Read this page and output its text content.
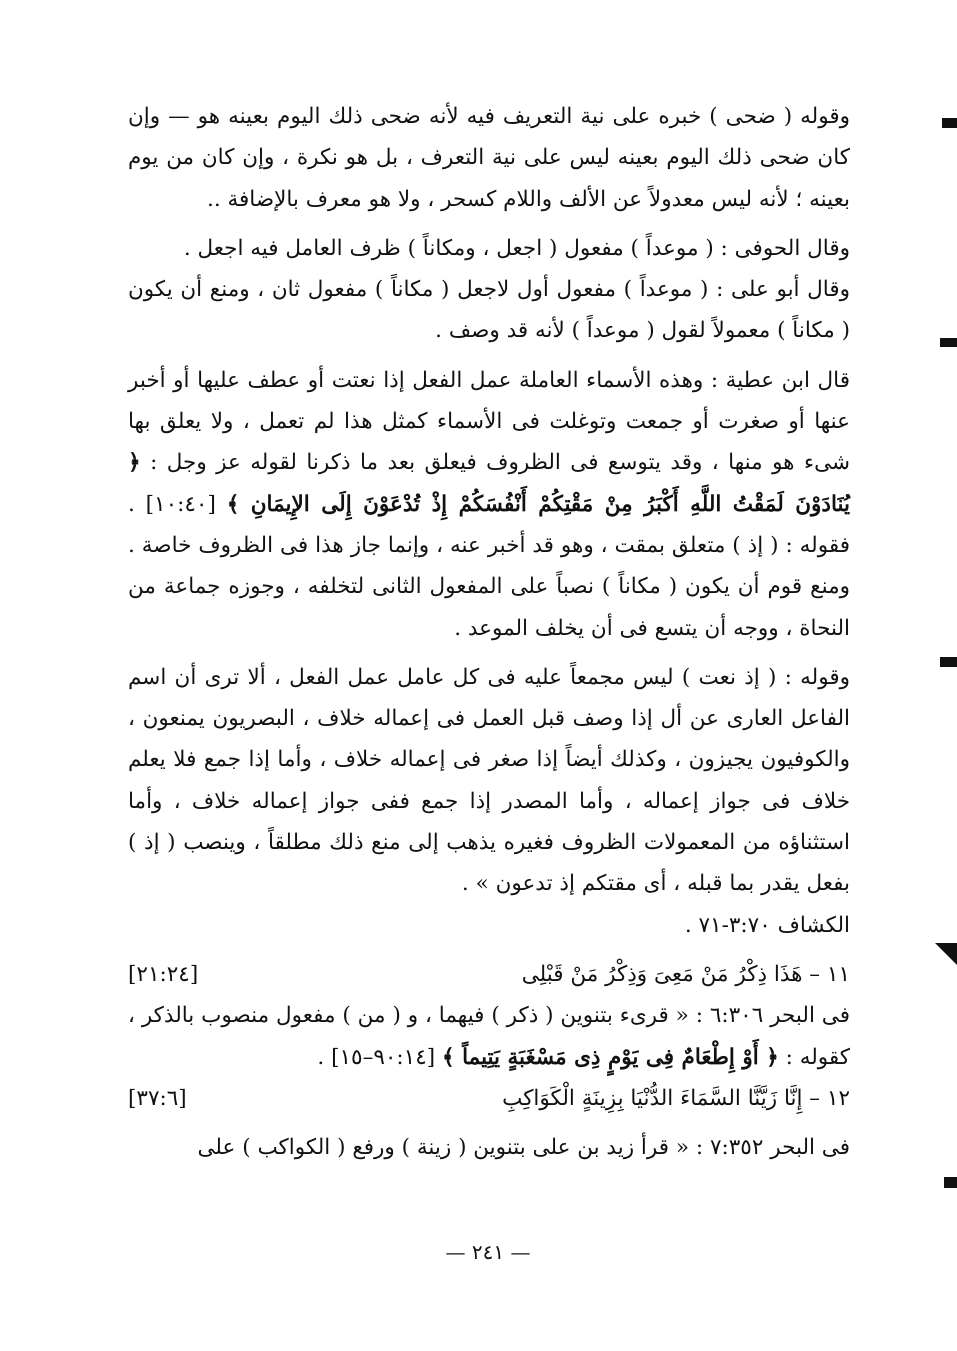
وقوله ( ضحى ) خبره على نية التعريف فيه لأنه ضحى ذلك اليوم بعينه هو — وإن كان ضحى ذلك اليوم بعينه ليس على نية التعرف ، بل هو نكرة ، وإن كان من يوم بعينه ؛ لأنه ليس معدولاً عن الألف واللام كسحر ، ولا هو معرف بالإضافة ..

وقال الحوفى : ( موعداً ) مفعول ( اجعل ، ومكاناً ) ظرف العامل فيه اجعل .

وقال أبو على : ( موعداً ) مفعول أول لاجعل ( مكاناً ) مفعول ثان ، ومنع أن يكون ( مكاناً ) معمولاً لقول ( موعداً ) لأنه قد وصف .

قال ابن عطية : وهذه الأسماء العاملة عمل الفعل إذا نعتت أو عطف عليها أو أخبر عنها أو صغرت أو جمعت وتوغلت فى الأسماء كمثل هذا لم تعمل ، ولا يعلق بها شىء هو منها ، وقد يتوسع فى الظروف فيعلق بعد ما ذكرنا لقوله عز وجل : ﴿ يُنَادَوْنَ لَمَقْتُ اللَّهِ أَكْبَرُ مِنْ مَقْتِكُمْ أَنْفُسَكُمْ إِذْ تُدْعَوْنَ إِلَى الإِيمَانِ ﴾ [١٠:٤٠] . فقوله : ( إذ ) متعلق بمقت ، وهو قد أخبر عنه ، وإنما جاز هذا فى الظروف خاصة . ومنع قوم أن يكون ( مكاناً ) نصباً على المفعول الثانى لتخلفه ، وجوزه جماعة من النحاة ، ووجه أن يتسع فى أن يخلف الموعد .

وقوله : ( إذ نعت ) ليس مجمعاً عليه فى كل عامل عمل الفعل ، ألا ترى أن اسم الفاعل العارى عن أل إذا وصف قبل العمل فى إعماله خلاف ، البصريون يمنعون ، والكوفيون يجيزون ، وكذلك أيضاً إذا صغر فى إعماله خلاف ، وأما إذا جمع فلا يعلم خلاف فى جواز إعماله ، وأما المصدر إذا جمع ففى جواز إعماله خلاف ، وأما استثناؤه من المعمولات الظروف فغيره يذهب إلى منع ذلك مطلقاً ، وينصب ( إذ ) بفعل يقدر بما قبله ، أى مقتكم إذ تدعون » .

الكشاف ٣:٧٠-٧١ .

١١ – هَذَا ذِكْرُ مَنْ مَعِىَ وَذِكْرُ مَنْ قَبْلِى
[٢١:٢٤]

فى البحر ٦:٣٠٦ : « قرىء بتنوين ( ذكر ) فيهما ، و ( من ) مفعول منصوب بالذكر ، كقوله : ﴿ أَوْ إِطْعَامٌ فِى يَوْمٍ ذِى مَسْغَبَةٍ يَتِيماً ﴾ [٩٠:١٤–١٥] .

١٢ – إِنَّا زَيَّنَّا السَّمَاءَ الدُّنْيَا بِزِينَةٍ الْكَوَاكِبِ
[٣٧:٦]

فى البحر ٧:٣٥٢ : « قرأ زيد بن على بتنوين ( زينة ) ورفع ( الكواكب ) على

— ٢٤١ —
